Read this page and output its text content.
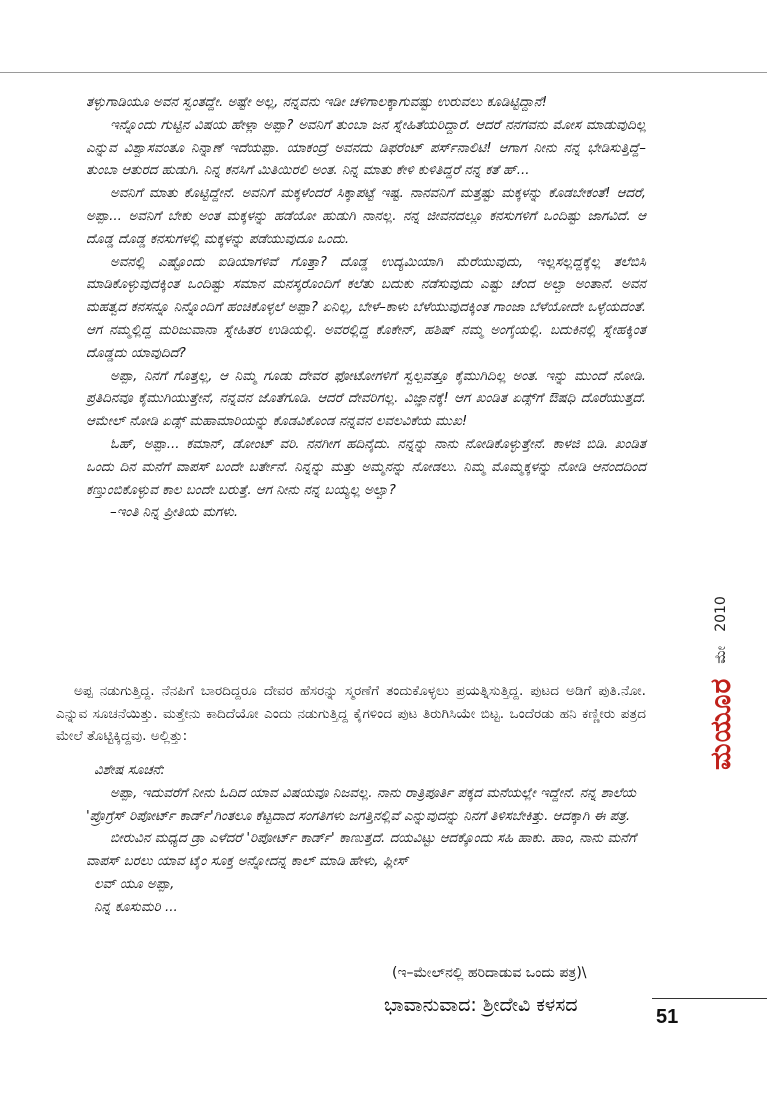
ತಳ್ಳುಗಾಡಿಯೂ ಅವನ ಸ್ವಂತದ್ದೇ. ಅಷ್ಟೇ ಅಲ್ಲ, ನನ್ನವನು ಇಡೀ ಚಳಿಗಾಲಕ್ಕಾಗುವಷ್ಟು ಉರುವಲು ಕೂಡಿಟ್ಟಿದ್ದಾನೆ!

ಇನ್ನೊಂದು ಗುಟ್ಟಿನ ವಿಷಯ ಹೇಳ್ಲಾ ಅಪ್ಪಾ? ಅವನಿಗೆ ತುಂಬಾ ಜನ ಸ್ನೇಹಿತೆಯರಿದ್ದಾರೆ. ಆದರೆ ನನಗವನು ಮೋಸ ಮಾಡುವುದಿಲ್ಲ ಎನ್ನುವ ವಿಶ್ವಾಸವಂತೂ ನಿನ್ನಾಣೆ ಇದೆಯಪ್ಪಾ. ಯಾಕಂದ್ರೆ ಅವನದು ಡಿಫರೆಂಟ್ ಪರ್ಸ್‌ನಾಲಿಟಿ! ಆಗಾಗ ನೀನು ನನ್ನ ಭೇಡಿಸುತ್ತಿದ್ದೆ– ತುಂಬಾ ಆತುರದ ಹುಡುಗಿ. ನಿನ್ನ ಕನಸಿಗೆ ಮಿತಿಯಿರಲಿ ಅಂತ. ನಿನ್ನ ಮಾತು ಕೇಳಿ ಕುಳಿತಿದ್ದರೆ ನನ್ನ ಕತೆ ಹ್...

ಅವನಿಗೆ ಮಾತು ಕೊಟ್ಟಿದ್ದೇನೆ. ಅವನಿಗೆ ಮಕ್ಕಳೆಂದರೆ ಸಿಕ್ಕಾಪಟ್ಟೆ ಇಷ್ಟ. ನಾನವನಿಗೆ ಮತ್ತಷ್ಟು ಮಕ್ಕಳನ್ನು ಕೊಡಬೇಕಂತೆ! ಆದರೆ, ಅಪ್ಪಾ... ಅವನಿಗೆ ಬೇಕು ಅಂತ ಮಕ್ಕಳನ್ನು ಹಡೆಯೋ ಹುಡುಗಿ ನಾನಲ್ಲ. ನನ್ನ ಜೀವನದಲ್ಲೂ ಕನಸುಗಳಿಗೆ ಒಂದಿಷ್ಟು ಜಾಗವಿದೆ. ಆ ದೊಡ್ಡ ದೊಡ್ಡ ಕನಸುಗಳಲ್ಲಿ ಮಕ್ಕಳನ್ನು ಪಡೆಯುವುದೂ ಒಂದು.

ಅವನಲ್ಲಿ ಎಷ್ಟೊಂದು ಐಡಿಯಾಗಳಿವೆ ಗೊತ್ತಾ? ದೊಡ್ಡ ಉದ್ಯಮಿಯಾಗಿ ಮೆರೆಯುವುದು, ಇಲ್ಲಸಲ್ಲದ್ದಕ್ಕೆಲ್ಲ ತಲೆಬಿಸಿ ಮಾಡಿಕೊಳ್ಳುವುದಕ್ಕಿಂತ ಒಂದಿಷ್ಟು ಸಮಾನ ಮನಸ್ಕರೊಂದಿಗೆ ಕಲೆತು ಬದುಕು ನಡೆಸುವುದು ಎಷ್ಟು ಚೆಂದ ಅಲ್ವಾ ಅಂತಾನೆ. ಅವನ ಮಹತ್ವದ ಕನಸನ್ನೂ ನಿನ್ನೊಂದಿಗೆ ಹಂಚಿಕೊಳ್ಳಲೆ ಅಪ್ಪಾ? ಏನಿಲ್ಲ, ಬೇಳೆ–ಕಾಳು ಬೆಳೆಯುವುದಕ್ಕಿಂತ ಗಾಂಜಾ ಬೆಳೆಯೋದೇ ಒಳ್ಳೆಯದಂತೆ. ಆಗ ನಮ್ಮಲ್ಲಿದ್ದ ಮರಿಜುವಾನಾ ಸ್ನೇಹಿತರ ಉಡಿಯಲ್ಲಿ. ಅವರಲ್ಲಿದ್ದ ಕೊಕೇನ್, ಹಶಿಷ್ ನಮ್ಮ ಅಂಗೈಯಲ್ಲಿ. ಬದುಕಿನಲ್ಲಿ ಸ್ನೇಹಕ್ಕಿಂತ ದೊಡ್ಡದು ಯಾವುದಿದೆ?

ಅಪ್ಪಾ, ನಿನಗೆ ಗೊತ್ತಲ್ಲ, ಆ ನಿಮ್ಮ ಗೂಡು ದೇವರ ಫೋಟೋಗಳಿಗೆ ಸ್ವಲ್ಪವತ್ತೂ ಕೈಮುಗಿದಿಲ್ಲ ಅಂತ. ಇನ್ನು ಮುಂದೆ ನೋಡಿ. ಪ್ರತಿದಿನವೂ ಕೈಮುಗಿಯುತ್ತೇನೆ, ನನ್ನವನ ಜೊತೆಗೂಡಿ. ಆದರೆ ದೇವರಿಗಲ್ಲ. ವಿಜ್ಞಾನಕ್ಕೆ! ಆಗ ಖಂಡಿತ ಏಡ್ಸ್‌ಗೆ ಔಷಧಿ ದೊರೆಯುತ್ತದೆ. ಆಮೇಲ್ ನೋಡಿ ಏಡ್ಸ್ ಮಹಾಮಾರಿಯನ್ನು ಕೊಡವಿಕೊಂಡ ನನ್ನವನ ಲವಲವಿಕೆಯ ಮುಖ!

ಓಹ್, ಅಪ್ಪಾ... ಕಮಾನ್, ಡೋಂಟ್ ವರಿ. ನನಗೀಗ ಹದಿನೈದು. ನನ್ನನ್ನು ನಾನು ನೋಡಿಕೊಳ್ಳುತ್ತೇನೆ. ಕಾಳಜಿ ಬಿಡಿ. ಖಂಡಿತ ಒಂದು ದಿನ ಮನೆಗೆ ವಾಪಸ್ ಬಂದೇ ಬರ್ತೇನೆ. ನಿನ್ನನ್ನು ಮತ್ತು ಅಮ್ಮನನ್ನು ನೋಡಲು. ನಿಮ್ಮ ಮೊಮ್ಮಕ್ಕಳನ್ನು ನೋಡಿ ಆನಂದದಿಂದ ಕಣ್ತುಂಬಿಕೊಳ್ಳುವ ಕಾಲ ಬಂದೇ ಬರುತ್ತೆ. ಆಗ ನೀನು ನನ್ನ ಬಯ್ಯಲ್ಲ ಅಲ್ವಾ?

–ಇಂತಿ ನಿನ್ನ ಪ್ರೀತಿಯ ಮಗಳು.

ಅಪ್ಪ ನಡುಗುತ್ತಿದ್ದ. ನೆನಪಿಗೆ ಬಾರದಿದ್ದರೂ ದೇವರ ಹೆಸರನ್ನು ಸ್ಮರಣೆಗೆ ತಂದುಕೊಳ್ಳಲು ಪ್ರಯತ್ನಿಸುತ್ತಿದ್ದ. ಪುಟದ ಅಡಿಗೆ ಪುತಿ.ನೋ. ಎನ್ನುವ ಸೂಚನೆಯಿತ್ತು. ಮತ್ತೇನು ಕಾದಿದೆಯೋ ಎಂದು ನಡುಗುತ್ತಿದ್ದ ಕೈಗಳಿಂದ ಪುಟ ತಿರುಗಿಸಿಯೇ ಬಿಟ್ಟ. ಒಂದೆರಡು ಹನಿ ಕಣ್ಣೀರು ಪತ್ರದ ಮೇಲೆ ತೊಟ್ಟಿಕ್ಕಿದ್ದವು. ಅಲ್ಲಿತ್ತು:

ವಿಶೇಷ ಸೂಚನೆ:

ಅಪ್ಪಾ, ಇದುವರೆಗೆ ನೀನು ಓದಿದ ಯಾವ ವಿಷಯವೂ ನಿಜವಲ್ಲ. ನಾನು ರಾತ್ರಿಪೂರ್ತಿ ಪಕ್ಕದ ಮನೆಯಲ್ಲೇ ಇದ್ದೇನೆ. ನನ್ನ ಶಾಲೆಯ 'ಪ್ರೊಗ್ರೆಸ್ ರಿಪೋರ್ಟ್ ಕಾರ್ಡ್'ಗಿಂತಲೂ ಕೆಟ್ಟದಾದ ಸಂಗತಿಗಳು ಜಗತ್ತಿನಲ್ಲಿವೆ ಎನ್ನುವುದನ್ನು ನಿನಗೆ ತಿಳಿಸಬೇಕಿತ್ತು. ಆದಕ್ಕಾಗಿ ಈ ಪತ್ರ.

ಬೀರುವಿನ ಮಧ್ಯದ ಡ್ರಾ ಎಳೆದರೆ 'ರಿಪೋರ್ಟ್ ಕಾರ್ಡ್' ಕಾಣುತ್ತದೆ. ದಯವಿಟ್ಟು ಆದಕ್ಕೊಂದು ಸಹಿ ಹಾಕು. ಹಾಂ, ನಾನು ಮನೆಗೆ ವಾಪಸ್ ಬರಲು ಯಾವ ಟೈಂ ಸೂಕ್ತ ಅನ್ನೋದನ್ನ ಕಾಲ್ ಮಾಡಿ ಹೇಳು, ಪ್ಲೀಸ್

ಲವ್ ಯೂ ಅಪ್ಪಾ,

ನಿನ್ನ ಕೂಸುಮರಿ ...

(ಇ–ಮೇಲ್‌ನಲ್ಲಿ ಹರಿದಾಡುವ ಒಂದು ಪತ್ರ)\
ಭಾವಾನುವಾದ: ಶ್ರೀದೇವಿ ಕಳಸದ
ಮಯೂರ
ಮೇ
2010
51
